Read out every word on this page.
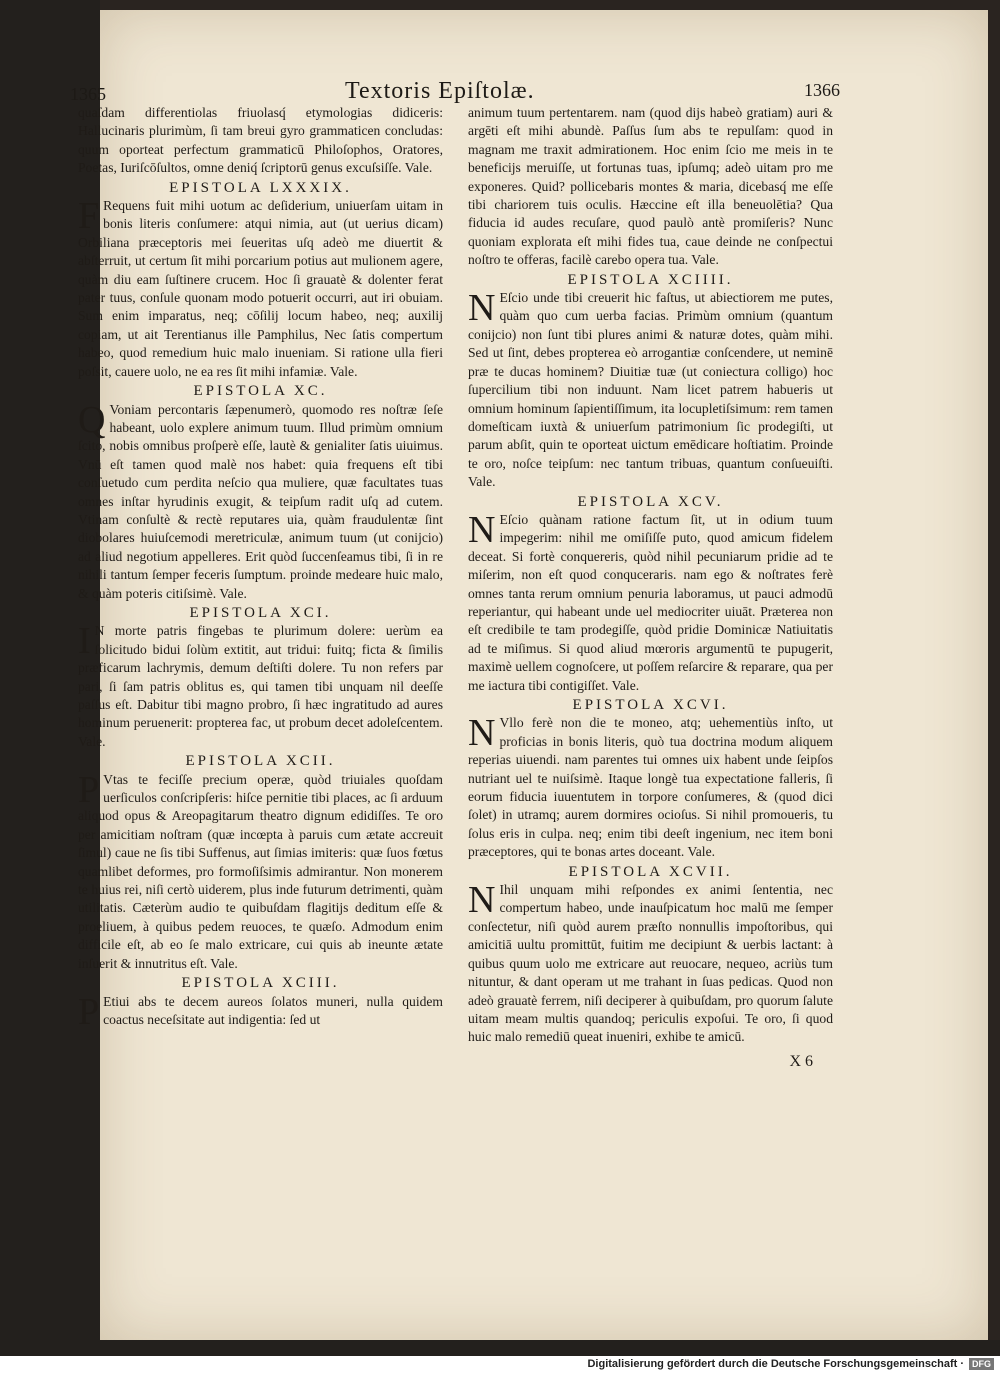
1365	Textoris Epiſtolæ.	1366

quaſdam differentiolas friuolasq́ etymologias didiceris: Hallucinaris plurimùm, ſi tam breui gyro grammaticen concludas: quum oporteat perfectum grammaticū Philoſophos, Oratores, Poetas, Iuriſcōſultos, omne deniq́ ſcriptorū genus excuſsiſſe. Vale.

EPISTOLA LXXXIX.

F Requens fuit mihi uotum ac deſiderium, uniuerſam uitam in bonis literis conſumere: atqui nimia, aut (ut uerius dicam) Orbiliana præceptoris mei ſeueritas uſq adeò me diuertit & abſterruit, ut certum ſit mihi porcarium potius aut mulionem agere, quàm diu eam ſuſtinere crucem. Hoc ſi grauatè & dolenter ferat pater tuus, conſule quonam modo potuerit occurri, aut iri obuiam. Sum enim imparatus, neq; cōſilij locum habeo, neq; auxilij copiam, ut ait Terentianus ille Pamphilus, Nec ſatis compertum habeo, quod remedium huic malo inueniam. Si ratione ulla fieri poſsit, cauere uolo, ne ea res ſit mihi infamiæ. Vale.

EPISTOLA XC.

Q Voniam percontaris ſæpenumerò, quomodo res noſtræ ſeſe habeant, uolo explere animum tuum. Illud primùm omnium ſcito, nobis omnibus proſperè eſſe, lautè & genialiter ſatis uiuimus. Vnū eſt tamen quod malè nos habet: quia frequens eſt tibi conſuetudo cum perdita neſcio qua muliere, quæ facultates tuas omnes inſtar hyrudinis exugit, & teipſum radit uſq ad cutem. Vtinam conſultè & rectè reputares uia, quàm fraudulentæ ſint diobolares huiuſcemodi meretriculæ, animum tuum (ut conijcio) ad aliud negotium appelleres. Erit quòd ſuccenſeamus tibi, ſi in re nihili tantum ſemper feceris ſumptum. proinde medeare huic malo, & quàm poteris citiſsimè. Vale.

EPISTOLA XCI.

I N morte patris fingebas te plurimum dolere: uerùm ea ſolicitudo bidui ſolùm extitit, aut tridui: fuitq; ficta & ſimilis præficarum lachrymis, demum deſtiſti dolere. Tu non refers par pari, ſi ſam patris oblitus es, qui tamen tibi unquam nil deeſſe paſſus eſt. Dabitur tibi magno probro, ſi hæc ingratitudo ad aures hominum peruenerit: propterea fac, ut probum decet adoleſcentem. Vale.

EPISTOLA XCII.

P Vtas te feciſſe precium operæ, quòd triuiales quoſdam uerſiculos conſcripſeris: hiſce pernitie tibi places, ac ſi arduum aliquod opus & Areopagitarum theatro dignum edidiſſes. Te oro per amicitiam noſtram (quæ incœpta à paruis cum ætate accreuit ſimul) caue ne ſis tibi Suffenus, aut ſimias imiteris: quæ ſuos fœtus quamlibet deformes, pro formoſiſsimis admirantur. Non monerem te huius rei, niſi certò uiderem, plus inde futurum detrimenti, quàm utilitatis. Cæterùm audio te quibuſdam flagitijs deditum eſſe & proeliuem, à quibus pedem reuoces, te quæſo. Admodum enim difficile eſt, ab eo ſe malo extricare, cui quis ab ineunte ætate inſuerit & innutritus eſt. Vale.

EPISTOLA XCIII.

P Etiui abs te decem aureos ſolatos muneri, nulla quidem coactus neceſsitate aut indigentia: ſed ut

animum tuum pertentarem. nam (quod dijs habeò gratiam) auri & argēti eſt mihi abundè. Paſſus ſum abs te repulſam: quod in magnam me traxit admirationem. Hoc enim ſcio me meis in te beneficijs meruiſſe, ut fortunas tuas, ipſumq; adeò uitam pro me exponeres. Quid? pollicebaris montes & maria, dicebasq́ me eſſe tibi chariorem tuis oculis. Hæccine eſt illa beneuolētia? Qua fiducia id audes recuſare, quod paulò antè promiſeris? Nunc quoniam explorata eſt mihi fides tua, caue deinde ne conſpectui noſtro te offeras, facilè carebo opera tua. Vale.

EPISTOLA XCIIII.

N Eſcio unde tibi creuerit hic faſtus, ut abiectiorem me putes, quàm quo cum uerba facias. Primùm omnium (quantum conijcio) non ſunt tibi plures animi & naturæ dotes, quàm mihi. Sed ut ſint, debes propterea eò arrogantiæ conſcendere, ut neminē præ te ducas hominem? Diuitiæ tuæ (ut coniectura colligo) hoc ſupercilium tibi non induunt. Nam licet patrem habueris ut omnium hominum ſapientiſſimum, ita locupletiſsimum: rem tamen domeſticam iuxtà & uniuerſum patrimonium ſic prodegiſti, ut parum abſit, quin te oporteat uictum emēdicare hoſtiatim. Proinde te oro, noſce teipſum: nec tantum tribuas, quantum conſueuiſti. Vale.

EPISTOLA XCV.

N Eſcio quànam ratione factum ſit, ut in odium tuum impegerim: nihil me omiſiſſe puto, quod amicum fidelem deceat. Si fortè conquereris, quòd nihil pecuniarum pridie ad te miſerim, non eſt quod conquceraris. nam ego & noſtrates ferè omnes tanta rerum omnium penuria laboramus, ut pauci admodū reperiantur, qui habeant unde uel mediocriter uiuāt. Præterea non eſt credibile te tam prodegiſſe, quòd pridie Dominicæ Natiuitatis ad te miſimus. Si quod aliud mœroris argumentū te pupugerit, maximè uellem cognoſcere, ut poſſem reſarcire & reparare, qua per me iactura tibi contigiſſet. Vale.

EPISTOLA XCVI.

N Vllo ferè non die te moneo, atq; uehementiùs inſto, ut proficias in bonis literis, quò tua doctrina modum aliquem reperias uiuendi. nam parentes tui omnes uix habent unde ſeipſos nutriant uel te nuiſsimè. Itaque longè tua expectatione falleris, ſi eorum fiducia iuuentutem in torpore conſumeres, & (quod dici ſolet) in utramq; aurem dormires ocioſus. Si nihil promoueris, tu ſolus eris in culpa. neq; enim tibi deeſt ingenium, nec item boni præceptores, qui te bonas artes doceant. Vale.

EPISTOLA XCVII.

N Ihil unquam mihi reſpondes ex animi ſententia, nec compertum habeo, unde inauſpicatum hoc malū me ſemper conſectetur, niſi quòd aurem præſto nonnullis impoſtoribus, qui amicitiā uultu promittūt, fuitim me decipiunt & uerbis lactant: à quibus quum uolo me extricare aut reuocare, nequeo, acriùs tum nituntur, & dant operam ut me trahant in ſuas pedicas. Quod non adeò grauatè ferrem, niſi deciperer à quibuſdam, pro quorum ſalute uitam meam multis quandoq; periculis expoſui. Te oro, ſi quod huic malo remediū queat inueniri, exhibe te amicū.

X 6
Digitalisierung gefördert durch die Deutsche Forschungsgemeinschaft · DFG
